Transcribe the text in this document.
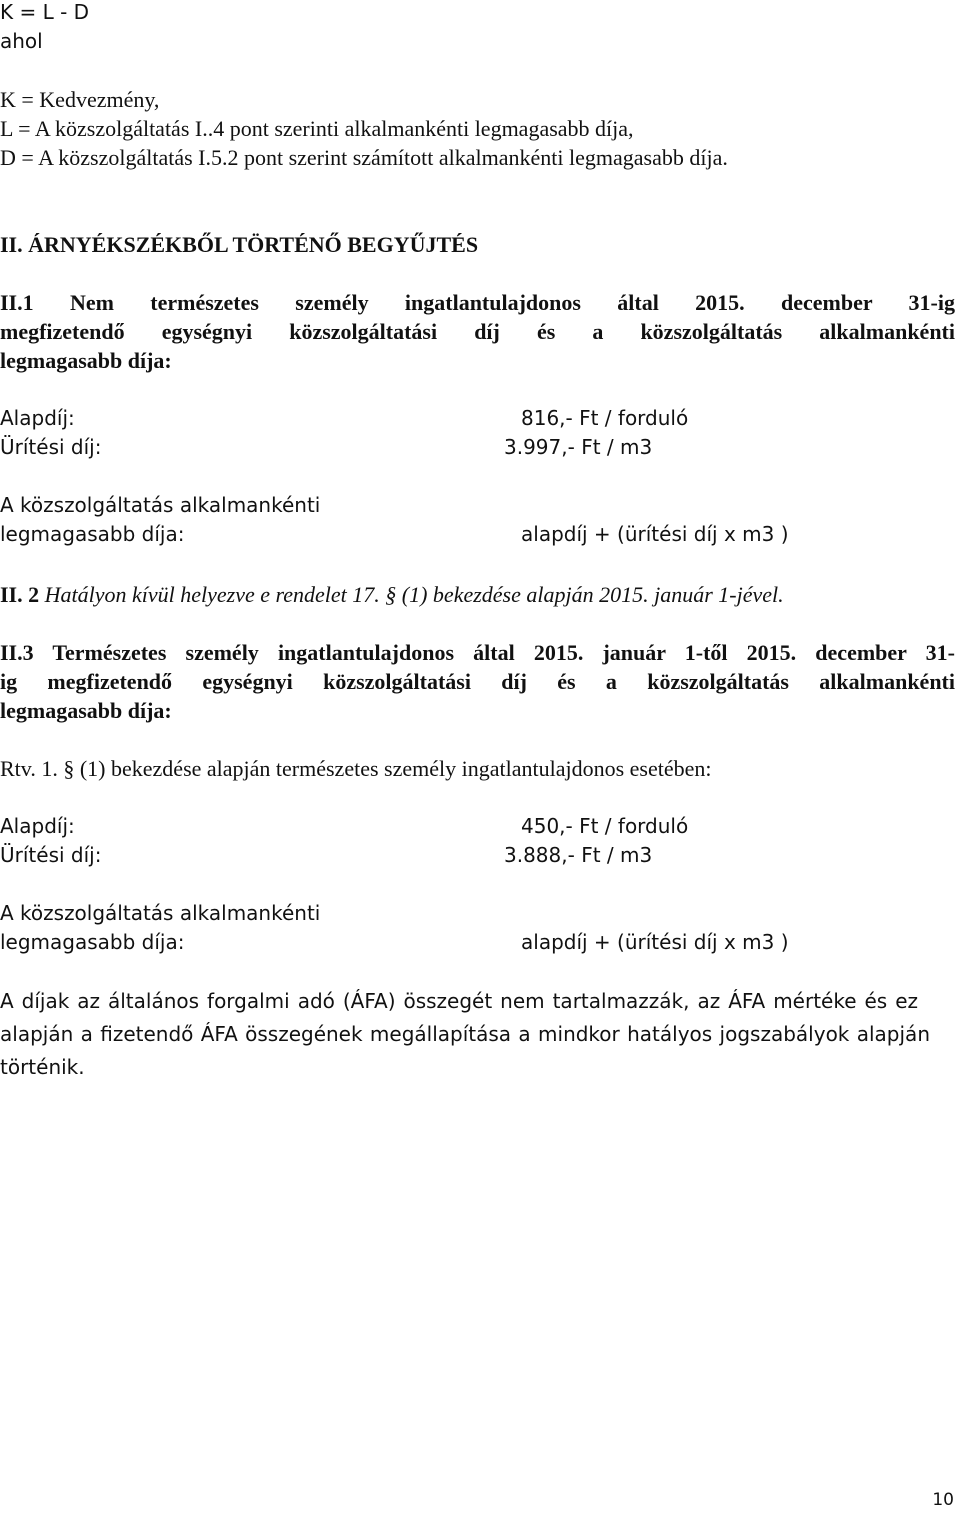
K = L - D
ahol
K = Kedvezmény,
L = A közszolgáltatás I..4 pont szerinti alkalmankénti legmagasabb díja,
D = A közszolgáltatás I.5.2 pont szerint számított alkalmankénti legmagasabb díja.
II. ÁRNYÉKSZÉKBŐL TÖRTÉNŐ BEGYŰJTÉS
II.1 Nem természetes személy ingatlantulajdonos által 2015. december 31-ig
megfizetendő egységnyi közszolgáltatási díj és a közszolgáltatás alkalmankénti
legmagasabb díja:
Alapdíj:	816,- Ft / forduló
Ürítési díj:	3.997,- Ft / m3
A közszolgáltatás alkalmankénti
legmagasabb díja:	alapdíj + (ürítési díj x m3 )
II. 2 Hatályon kívül helyezve e rendelet 17. § (1) bekezdése alapján 2015. január 1-jével.
II.3 Természetes személy ingatlantulajdonos által 2015. január 1-től 2015. december 31-
ig megfizetendő egységnyi közszolgáltatási díj és a közszolgáltatás alkalmankénti
legmagasabb díja:
Rtv. 1. § (1) bekezdése alapján természetes személy ingatlantulajdonos esetében:
Alapdíj:	450,- Ft / forduló
Ürítési díj:	3.888,- Ft / m3
A közszolgáltatás alkalmankénti
legmagasabb díja:	alapdíj + (ürítési díj x m3 )
A díjak az általános forgalmi adó (ÁFA) összegét nem tartalmazzák, az ÁFA mértéke és ez
alapján a fizetendő ÁFA összegének megállapítása a mindkor hatályos jogszabályok alapján
történik.
10
